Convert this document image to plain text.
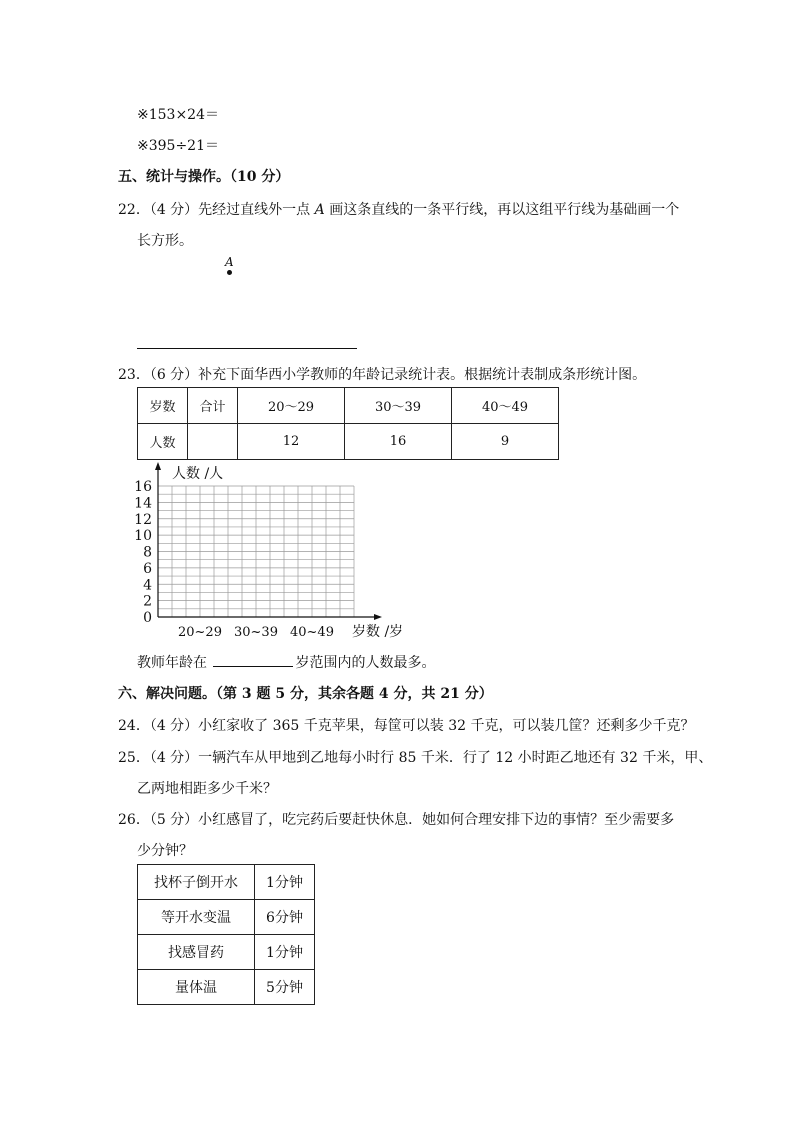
※153×24＝
※395÷21＝
五、统计与操作。（10 分）
22．（4 分）先经过直线外一点 A 画这条直线的一条平行线，再以这组平行线为基础画一个
长方形。
A
23．（6 分）补充下面华西小学教师的年龄记录统计表。根据统计表制成条形统计图。
岁数	合计	20～29	30～39	40～49
人数		12	16	9
人数 /人
0
2
4
6
8
10
12
14
16
20~29 30~39 40~49 岁数 /岁
教师年龄在	岁范围内的人数最多。
六、解决问题。（第 3 题 5 分，其余各题 4 分，共 21 分）
24．（4 分）小红家收了 365 千克苹果，每筐可以装 32 千克，可以装几筐？还剩多少千克？
25．（4 分）一辆汽车从甲地到乙地每小时行 85 千米．行了 12 小时距乙地还有 32 千米，甲、
乙两地相距多少千米？
26．（5 分）小红感冒了，吃完药后要赶快休息．她如何合理安排下边的事情？至少需要多
少分钟？
找杯子倒开水	1分钟
等开水变温	6分钟
找感冒药	1分钟
量体温	5分钟
